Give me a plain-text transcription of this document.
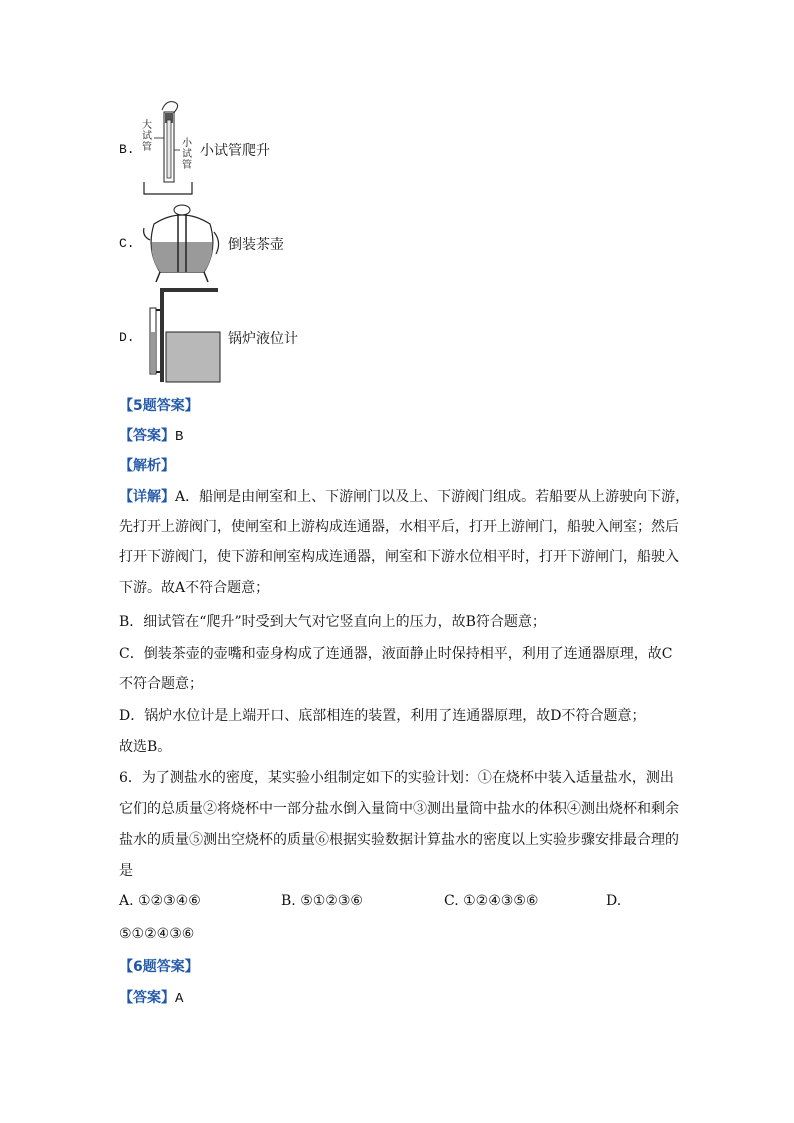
B.
大试管	小试管
小试管爬升
C.	倒装茶壶
D.	锅炉液位计
【5题答案】
【答案】B
【解析】
【详解】A．船闸是由闸室和上、下游闸门以及上、下游阀门组成。若船要从上游驶向下游，
先打开上游阀门，使闸室和上游构成连通器，水相平后，打开上游闸门，船驶入闸室；然后
打开下游阀门，使下游和闸室构成连通器，闸室和下游水位相平时，打开下游闸门，船驶入
下游。故A不符合题意；
B．细试管在“爬升”时受到大气对它竖直向上的压力，故B符合题意；
C．倒装茶壶的壶嘴和壶身构成了连通器，液面静止时保持相平，利用了连通器原理，故C
不符合题意；
D．锅炉水位计是上端开口、底部相连的装置，利用了连通器原理，故D不符合题意；
故选B。
6．为了测盐水的密度，某实验小组制定如下的实验计划：①在烧杯中装入适量盐水，测出
它们的总质量②将烧杯中一部分盐水倒入量筒中③测出量筒中盐水的体积④测出烧杯和剩余
盐水的质量⑤测出空烧杯的质量⑥根据实验数据计算盐水的密度以上实验步骤安排最合理的
是
A. ①②③④⑥	B. ⑤①②③⑥	C. ①②④③⑤⑥	D.
⑤①②④③⑥
【6题答案】
【答案】A
